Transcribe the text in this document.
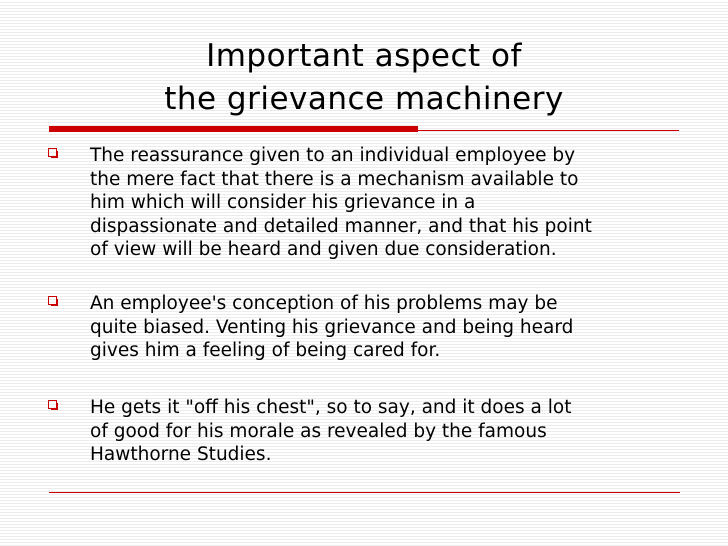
Important aspect of
the grievance machinery
The reassurance given to an individual employee by
the mere fact that there is a mechanism available to
him which will consider his grievance in a
dispassionate and detailed manner, and that his point
of view will be heard and given due consideration.
An employee's conception of his problems may be
quite biased. Venting his grievance and being heard
gives him a feeling of being cared for.
He gets it "off his chest", so to say, and it does a lot
of good for his morale as revealed by the famous
Hawthorne Studies.
